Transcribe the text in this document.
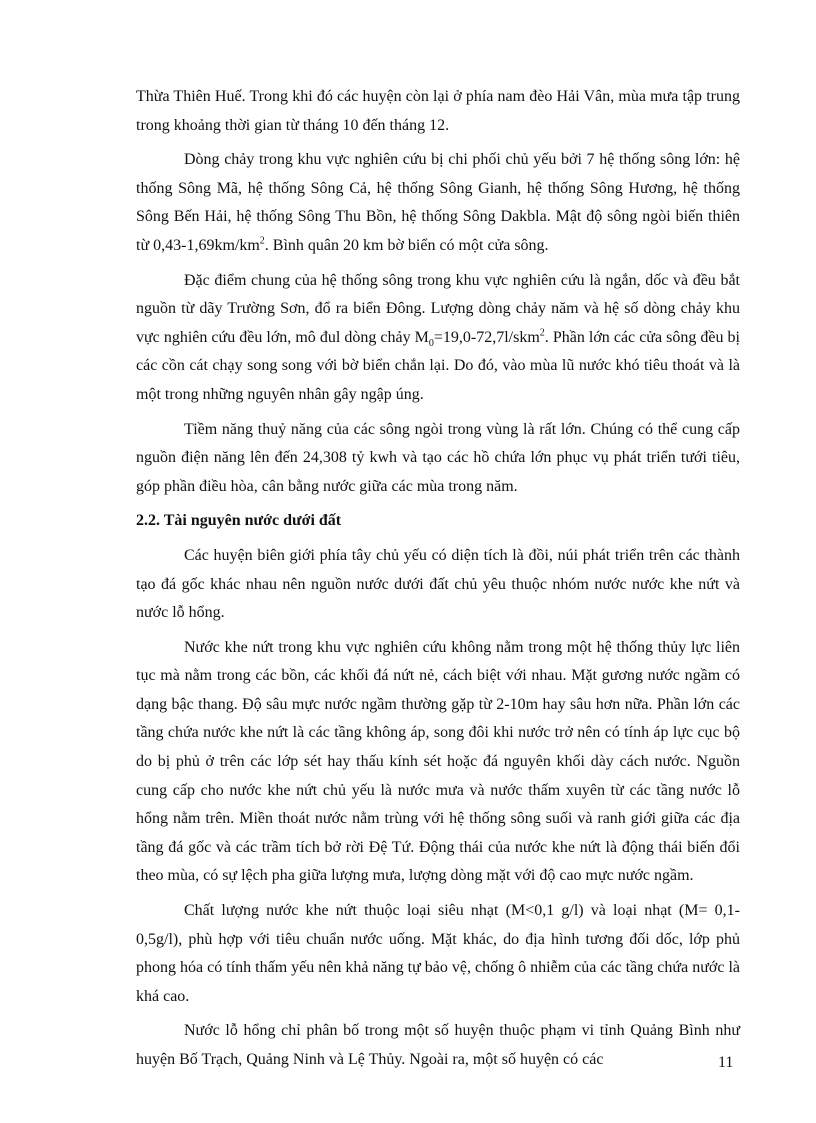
Thừa Thiên Huế. Trong khi đó các huyện còn lại ở phía nam đèo Hải Vân, mùa mưa tập trung trong khoảng thời gian từ tháng 10 đến tháng 12.

Dòng chảy trong khu vực nghiên cứu bị chi phối chủ yếu bởi 7 hệ thống sông lớn: hệ thống Sông Mã, hệ thống Sông Cả, hệ thống Sông Gianh, hệ thống Sông Hương, hệ thống Sông Bến Hải, hệ thống Sông Thu Bồn, hệ thống Sông Dakbla. Mật độ sông ngòi biến thiên từ $0,43-1,69km/km^2$. Bình quân 20 km bờ biển có một cửa sông.

Đặc điểm chung của hệ thống sông trong khu vực nghiên cứu là ngắn, dốc và đều bắt nguồn từ dãy Trường Sơn, đổ ra biển Đông. Lượng dòng chảy năm và hệ số dòng chảy khu vực nghiên cứu đều lớn, mô đul dòng chảy $M_0=19,0-72,7l/skm^2$. Phần lớn các cửa sông đều bị các cồn cát chạy song song với bờ biển chắn lại. Do đó, vào mùa lũ nước khó tiêu thoát và là một trong những nguyên nhân gây ngập úng.

Tiềm năng thuỷ năng của các sông ngòi trong vùng là rất lớn. Chúng có thể cung cấp nguồn điện năng lên đến 24,308 tỷ kwh và tạo các hồ chứa lớn phục vụ phát triển tưới tiêu, góp phần điều hòa, cân bằng nước giữa các mùa trong năm.

2.2. Tài nguyên nước dưới đất

Các huyện biên giới phía tây chủ yếu có diện tích là đồi, núi phát triển trên các thành tạo đá gốc khác nhau nên nguồn nước dưới đất chủ yêu thuộc nhóm nước nước khe nứt và nước lỗ hổng.

Nước khe nứt trong khu vực nghiên cứu không nằm trong một hệ thống thủy lực liên tục mà nằm trong các bồn, các khối đá nứt nẻ, cách biệt với nhau. Mặt gương nước ngầm có dạng bậc thang. Độ sâu mực nước ngầm thường gặp từ 2-10m hay sâu hơn nữa. Phần lớn các tầng chứa nước khe nứt là các tầng không áp, song đôi khi nước trở nên có tính áp lực cục bộ do bị phủ ở trên các lớp sét hay thấu kính sét hoặc đá nguyên khối dày cách nước. Nguồn cung cấp cho nước khe nứt chủ yếu là nước mưa và nước thấm xuyên từ các tầng nước lỗ hổng nằm trên. Miền thoát nước nằm trùng với hệ thống sông suối và ranh giới giữa các địa tầng đá gốc và các trầm tích bở rời Đệ Tứ. Động thái của nước khe nứt là động thái biến đổi theo mùa, có sự lệch pha giữa lượng mưa, lượng dòng mặt với độ cao mực nước ngầm.

Chất lượng nước khe nứt thuộc loại siêu nhạt (M<0,1 g/l) và loại nhạt (M= 0,1- 0,5g/l), phù hợp với tiêu chuẩn nước uống. Mặt khác, do địa hình tương đối dốc, lớp phủ phong hóa có tính thấm yếu nên khả năng tự bảo vệ, chống ô nhiễm của các tầng chứa nước là khá cao.

Nước lỗ hổng chỉ phân bố trong một số huyện thuộc phạm vi tỉnh Quảng Bình như huyện Bố Trạch, Quảng Ninh và Lệ Thủy. Ngoài ra, một số huyện có các	11
